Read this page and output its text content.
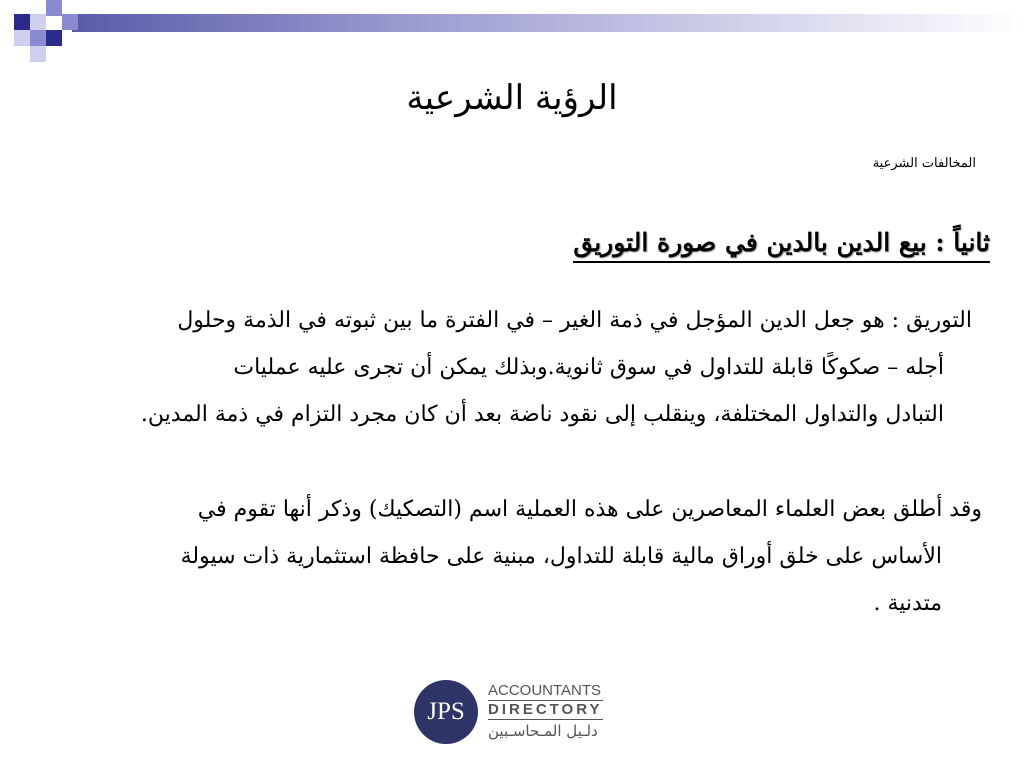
الرؤية الشرعية
المخالفات الشرعية
ثانياً : بيع الدين بالدين في صورة التوريق
التوريق : هو جعل الدين المؤجل في ذمة الغير – في الفترة ما بين ثبوته في الذمة وحلول
أجله – صكوكًا قابلة للتداول في سوق ثانوية.وبذلك يمكن أن تجرى عليه عمليات
التبادل والتداول المختلفة، وينقلب إلى نقود ناضة بعد أن كان مجرد التزام في ذمة المدين.
وقد أطلق بعض العلماء المعاصرين على هذه العملية اسم (التصكيك) وذكر أنها تقوم في
الأساس على خلق أوراق مالية قابلة للتداول، مبنية على حافظة استثمارية ذات سيولة
متدنية .
JPS
ACCOUNTANTS
DIRECTORY
دلـيل المـحاسـبين
